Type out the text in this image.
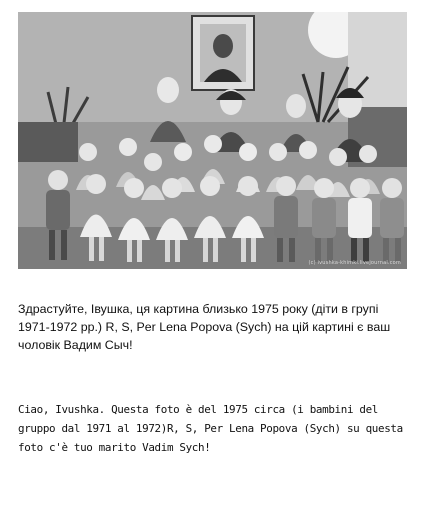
(c) ivushka-khimki.livejournal.com

Здрастуйте, Івушка, ця картина близько 1975 року (діти в групі 1971-1972 рр.) R, S, Per Lena Popova (Sych) на цій картині є ваш чоловік Вадим Сыч!

Ciao, Ivushka. Questa foto è del 1975 circa (i bambini del gruppo dal 1971 al 1972)R, S, Per Lena Popova (Sych) su questa foto c'è tuo marito Vadim Sych!
